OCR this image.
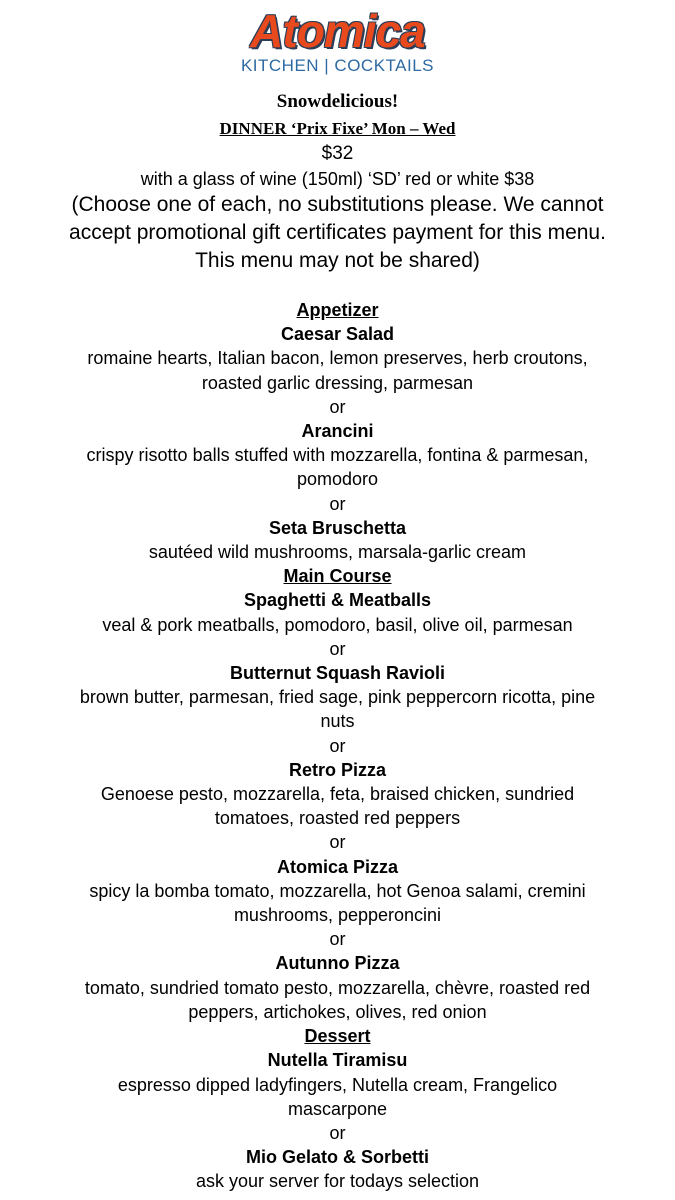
Atomica
KITCHEN | COCKTAILS
Snowdelicious!
DINNER ‘Prix Fixe’ Mon – Wed
$32
with a glass of wine (150ml) ‘SD’ red or white $38
(Choose one of each, no substitutions please. We cannot
accept promotional gift certificates payment for this menu.
This menu may not be shared)
Appetizer
Caesar Salad
romaine hearts, Italian bacon, lemon preserves, herb croutons,
roasted garlic dressing, parmesan
or
Arancini
crispy risotto balls stuffed with mozzarella, fontina & parmesan,
pomodoro
or
Seta Bruschetta
sautéed wild mushrooms, marsala-garlic cream
Main Course
Spaghetti & Meatballs
veal & pork meatballs, pomodoro, basil, olive oil, parmesan
or
Butternut Squash Ravioli
brown butter, parmesan, fried sage, pink peppercorn ricotta, pine
nuts
or
Retro Pizza
Genoese pesto, mozzarella, feta, braised chicken, sundried
tomatoes, roasted red peppers
or
Atomica Pizza
spicy la bomba tomato, mozzarella, hot Genoa salami, cremini
mushrooms, pepperoncini
or
Autunno Pizza
tomato, sundried tomato pesto, mozzarella, chèvre, roasted red
peppers, artichokes, olives, red onion
Dessert
Nutella Tiramisu
espresso dipped ladyfingers, Nutella cream, Frangelico
mascarpone
or
Mio Gelato & Sorbetti
ask your server for todays selection
